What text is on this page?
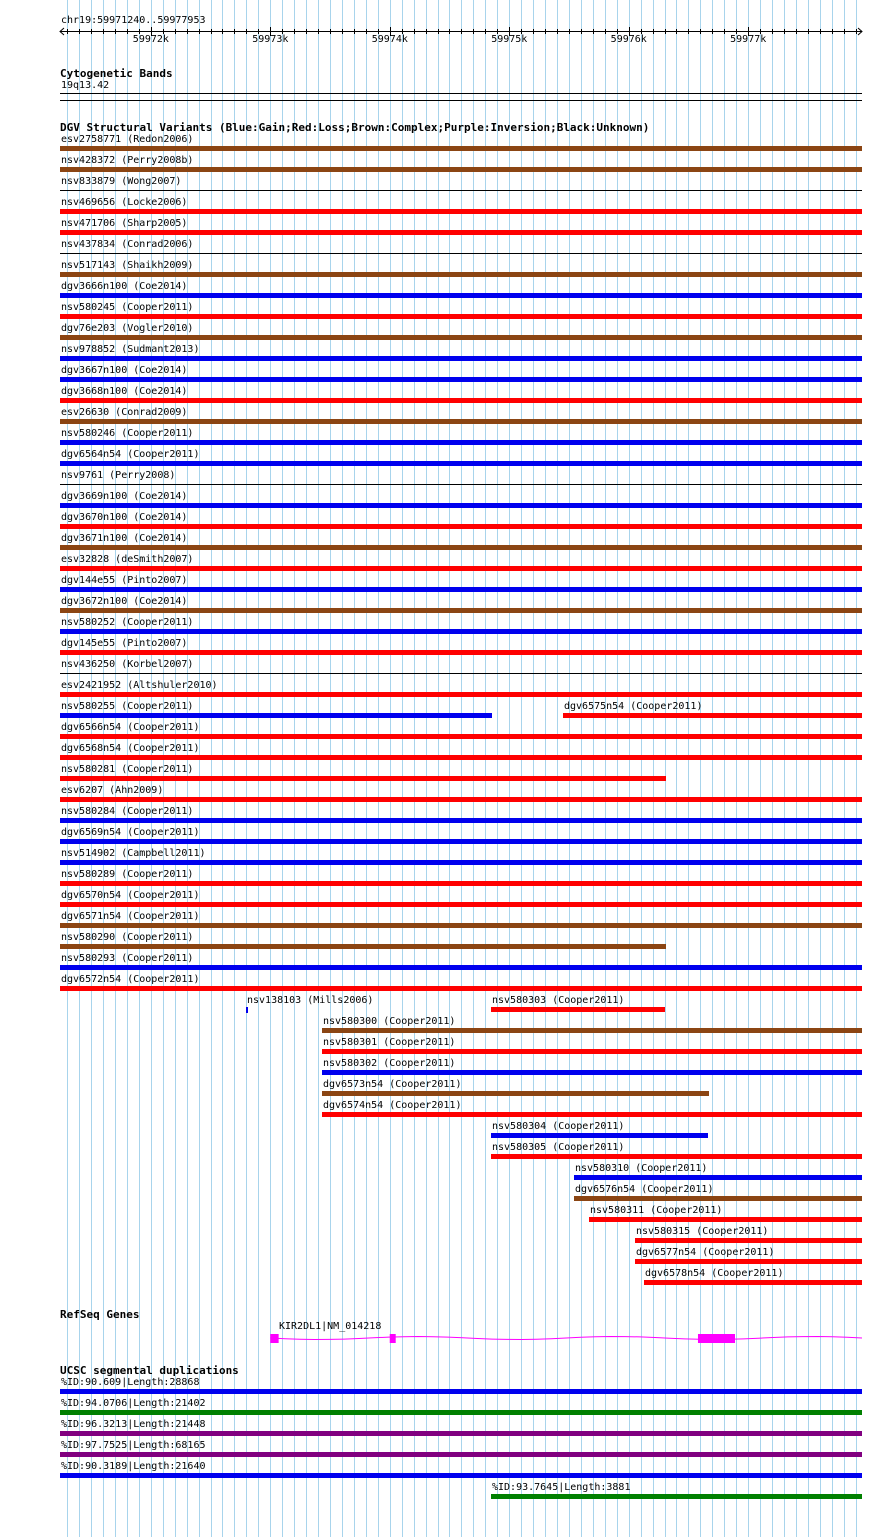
chr19:59971240..59977953
59972k	59973k	59974k	59975k	59976k	59977k
Cytogenetic Bands
19q13.42
DGV Structural Variants (Blue:Gain;Red:Loss;Brown:Complex;Purple:Inversion;Black:Unknown)
esv2758771 (Redon2006)
nsv428372 (Perry2008b)
nsv833879 (Wong2007)
nsv469656 (Locke2006)
nsv471706 (Sharp2005)
nsv437834 (Conrad2006)
nsv517143 (Shaikh2009)
dgv3666n100 (Coe2014)
nsv580245 (Cooper2011)
dgv76e203 (Vogler2010)
nsv978852 (Sudmant2013)
dgv3667n100 (Coe2014)
dgv3668n100 (Coe2014)
esv26630 (Conrad2009)
nsv580246 (Cooper2011)
dgv6564n54 (Cooper2011)
nsv9761 (Perry2008)
dgv3669n100 (Coe2014)
dgv3670n100 (Coe2014)
dgv3671n100 (Coe2014)
esv32828 (deSmith2007)
dgv144e55 (Pinto2007)
dgv3672n100 (Coe2014)
nsv580252 (Cooper2011)
dgv145e55 (Pinto2007)
nsv436250 (Korbel2007)
esv2421952 (Altshuler2010)
nsv580255 (Cooper2011)	dgv6575n54 (Cooper2011)
dgv6566n54 (Cooper2011)
dgv6568n54 (Cooper2011)
nsv580281 (Cooper2011)
esv6207 (Ahn2009)
nsv580284 (Cooper2011)
dgv6569n54 (Cooper2011)
nsv514902 (Campbell2011)
nsv580289 (Cooper2011)
dgv6570n54 (Cooper2011)
dgv6571n54 (Cooper2011)
nsv580290 (Cooper2011)
nsv580293 (Cooper2011)
dgv6572n54 (Cooper2011)
nsv138103 (Mills2006)	nsv580303 (Cooper2011)
nsv580300 (Cooper2011)
nsv580301 (Cooper2011)
nsv580302 (Cooper2011)
dgv6573n54 (Cooper2011)
dgv6574n54 (Cooper2011)
nsv580304 (Cooper2011)
nsv580305 (Cooper2011)
nsv580310 (Cooper2011)
dgv6576n54 (Cooper2011)
nsv580311 (Cooper2011)
nsv580315 (Cooper2011)
dgv6577n54 (Cooper2011)
dgv6578n54 (Cooper2011)
RefSeq Genes
KIR2DL1|NM_014218
UCSC segmental duplications
%ID:90.609|Length:28868
%ID:94.0706|Length:21402
%ID:96.3213|Length:21448
%ID:97.7525|Length:68165
%ID:90.3189|Length:21640
%ID:93.7645|Length:3881
